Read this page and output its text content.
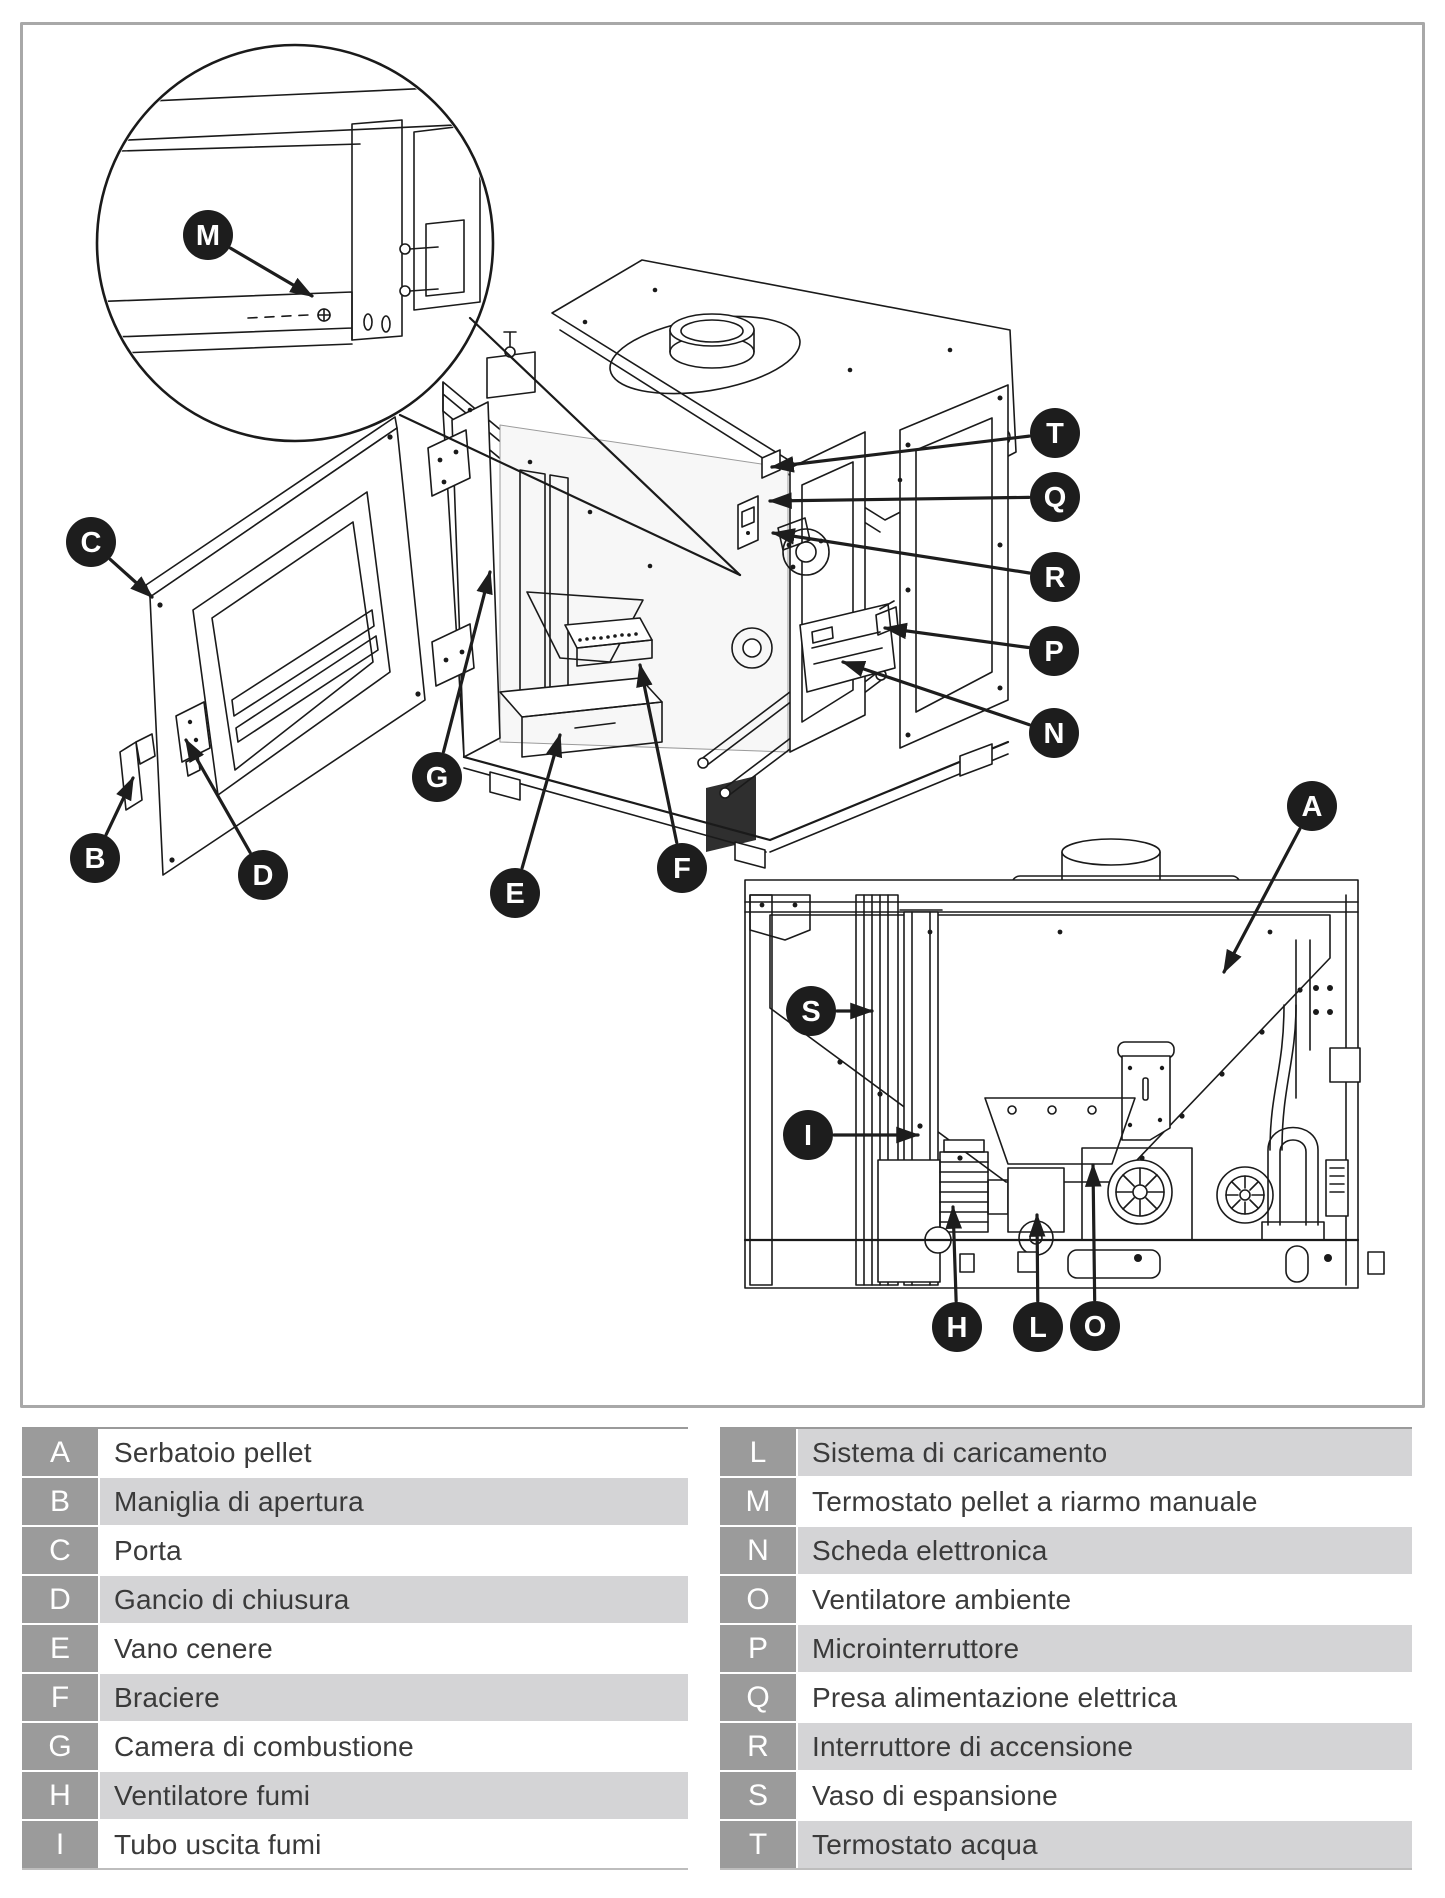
M
C
B
D
G
E
F
T
Q
R
P
N
A
S
I
H L O
A	Serbatoio pellet
B	Maniglia di apertura
C	Porta
D	Gancio di chiusura
E	Vano cenere
F	Braciere
G	Camera di combustione
H	Ventilatore fumi
I	Tubo uscita fumi
L	Sistema di caricamento
M	Termostato pellet a riarmo manuale
N	Scheda elettronica
O	Ventilatore ambiente
P	Microinterruttore
Q	Presa alimentazione elettrica
R	Interruttore di accensione
S	Vaso di espansione
T	Termostato acqua
